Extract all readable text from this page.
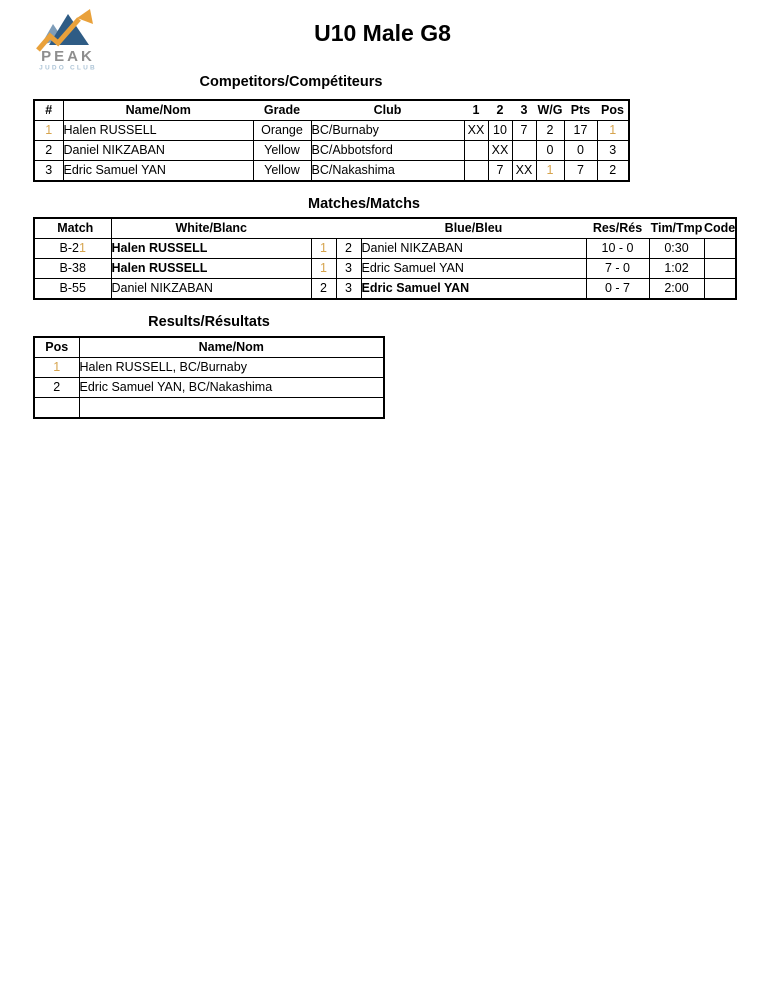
PEAK
JUDO CLUB
U10 Male G8
Competitors/Compétiteurs
#	Name/Nom	Grade	Club	1	2	3	W/G	Pts	Pos
1	Halen RUSSELL	Orange	BC/Burnaby	XX	10	7	2	17	1
2	Daniel NIKZABAN	Yellow	BC/Abbotsford		XX		0	0	3
3	Edric Samuel YAN	Yellow	BC/Nakashima		7	XX	1	7	2
Matches/Matchs
Match	White/Blanc			Blue/Bleu	Res/Rés	Tim/Tmp	Code
B-21	Halen RUSSELL	1	2	Daniel NIKZABAN	10 - 0	0:30	
B-38	Halen RUSSELL	1	3	Edric Samuel YAN	7 - 0	1:02	
B-55	Daniel NIKZABAN	2	3	Edric Samuel YAN	0 - 7	2:00	
Results/Résultats
Pos	Name/Nom
1	Halen RUSSELL, BC/Burnaby
2	Edric Samuel YAN, BC/Nakashima
